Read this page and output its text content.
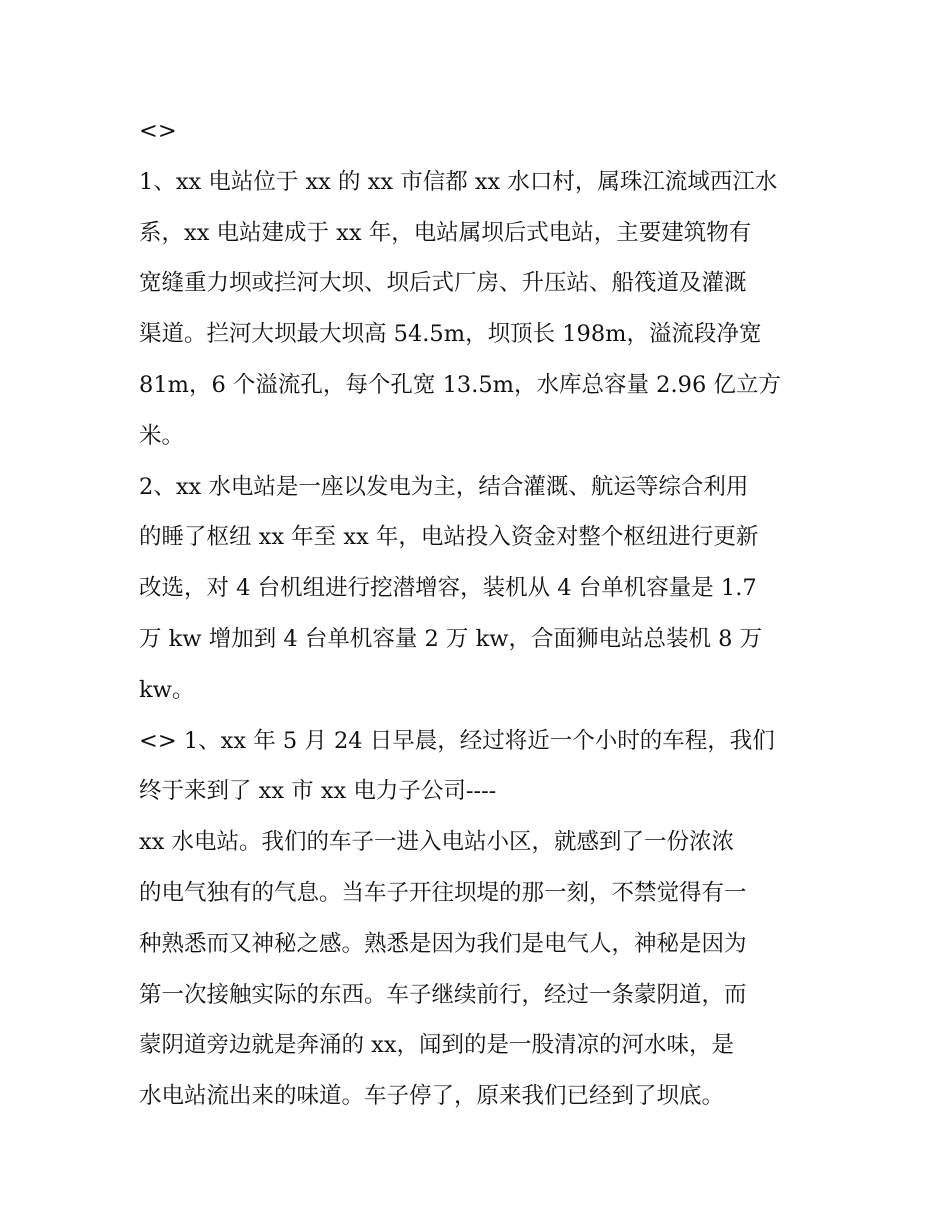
<>
1、xx 电站位于 xx 的 xx 市信都 xx 水口村，属珠江流域西江水
系，xx 电站建成于 xx 年，电站属坝后式电站，主要建筑物有
宽缝重力坝或拦河大坝、坝后式厂房、升压站、船筏道及灌溉
渠道。拦河大坝最大坝高 54.5m，坝顶长 198m，溢流段净宽
81m，6 个溢流孔，每个孔宽 13.5m，水库总容量 2.96 亿立方
米。
2、xx 水电站是一座以发电为主，结合灌溉、航运等综合利用
的睡了枢纽 xx 年至 xx 年，电站投入资金对整个枢纽进行更新
改选，对 4 台机组进行挖潜增容，装机从 4 台单机容量是 1.7
万 kw 增加到 4 台单机容量 2 万 kw，合面狮电站总装机 8 万
kw。
<> 1、xx 年 5 月 24 日早晨，经过将近一个小时的车程，我们
终于来到了 xx 市 xx 电力子公司----
xx 水电站。我们的车子一进入电站小区，就感到了一份浓浓
的电气独有的气息。当车子开往坝堤的那一刻，不禁觉得有一
种熟悉而又神秘之感。熟悉是因为我们是电气人，神秘是因为
第一次接触实际的东西。车子继续前行，经过一条蒙阴道，而
蒙阴道旁边就是奔涌的 xx，闻到的是一股清凉的河水味，是
水电站流出来的味道。车子停了，原来我们已经到了坝底。
